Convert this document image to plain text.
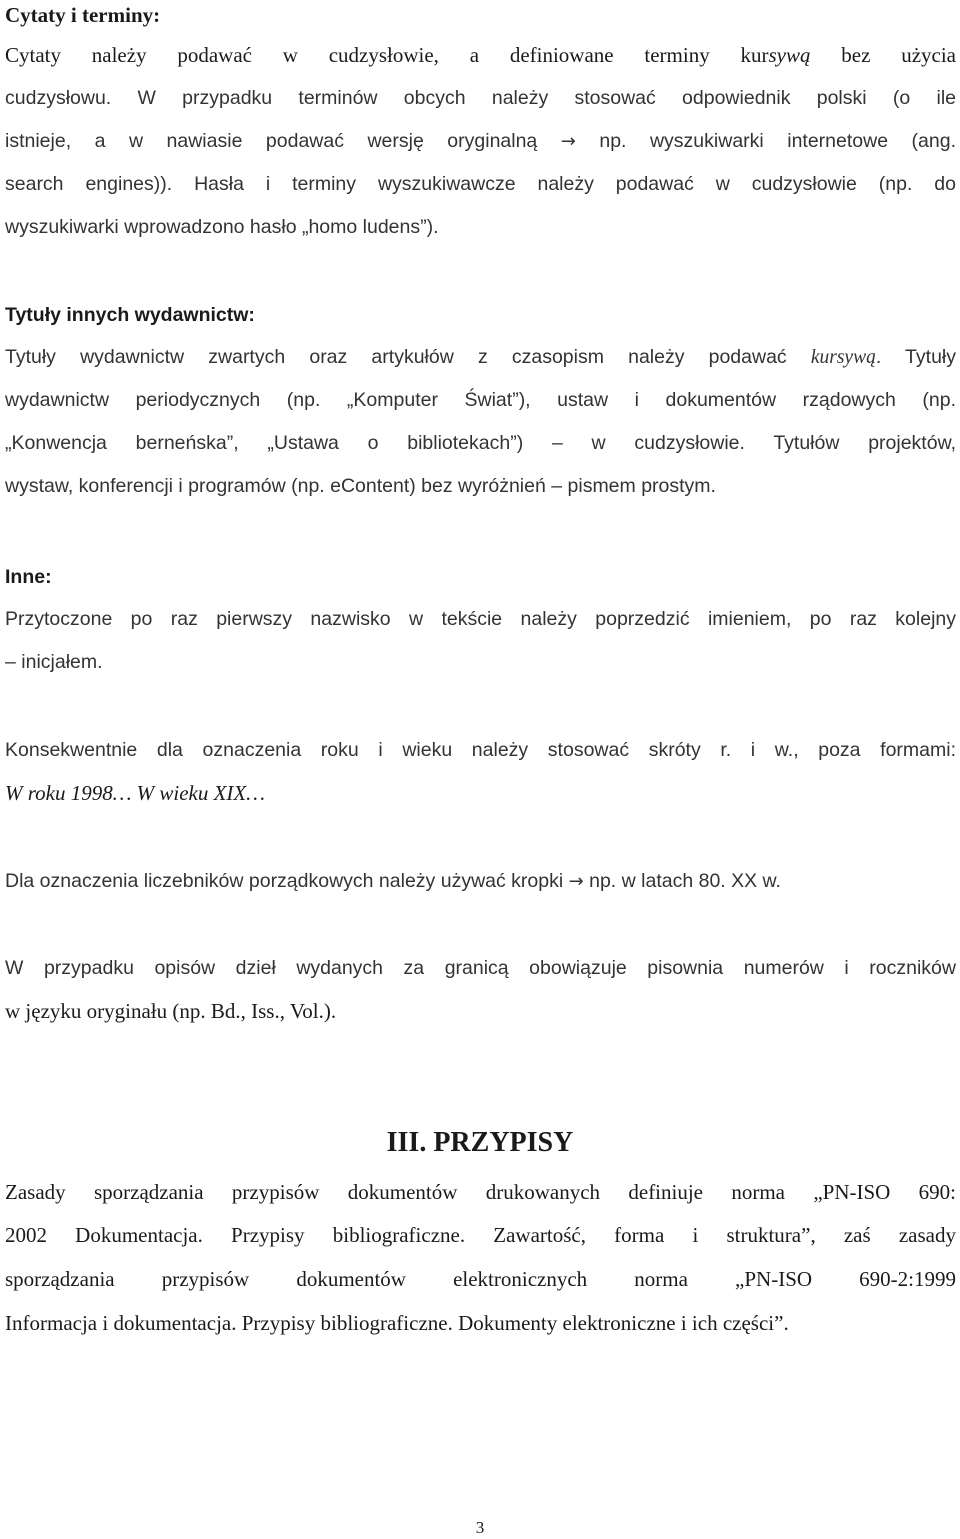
Cytaty i terminy:
Cytaty należy podawać w cudzysłowie, a definiowane terminy kursywą bez użycia
cudzysłowu. W przypadku terminów obcych należy stosować odpowiednik polski (o ile
istnieje, a w nawiasie podawać wersję oryginalną → np. wyszukiwarki internetowe (ang.
search engines)). Hasła i terminy wyszukiwawcze należy podawać w cudzysłowie (np. do
wyszukiwarki wprowadzono hasło „homo ludens”).
Tytuły innych wydawnictw:
Tytuły wydawnictw zwartych oraz artykułów z czasopism należy podawać kursywą. Tytuły
wydawnictw periodycznych (np. „Komputer Świat”), ustaw i dokumentów rządowych (np.
„Konwencja berneńska”, „Ustawa o bibliotekach”) – w cudzysłowie. Tytułów projektów,
wystaw, konferencji i programów (np. eContent) bez wyróżnień – pismem prostym.
Inne:
Przytoczone po raz pierwszy nazwisko w tekście należy poprzedzić imieniem, po raz kolejny
– inicjałem.
Konsekwentnie dla oznaczenia roku i wieku należy stosować skróty r. i w., poza formami:
W roku 1998… W wieku XIX…
Dla oznaczenia liczebników porządkowych należy używać kropki → np. w latach 80. XX w.
W przypadku opisów dzieł wydanych za granicą obowiązuje pisownia numerów i roczników
w języku oryginału (np. Bd., Iss., Vol.).
III. PRZYPISY
Zasady sporządzania przypisów dokumentów drukowanych definiuje norma „PN-ISO 690:
2002 Dokumentacja. Przypisy bibliograficzne. Zawartość, forma i struktura”, zaś zasady
sporządzania przypisów dokumentów elektronicznych norma „PN-ISO 690-2:1999
Informacja i dokumentacja. Przypisy bibliograficzne. Dokumenty elektroniczne i ich części”.
3
